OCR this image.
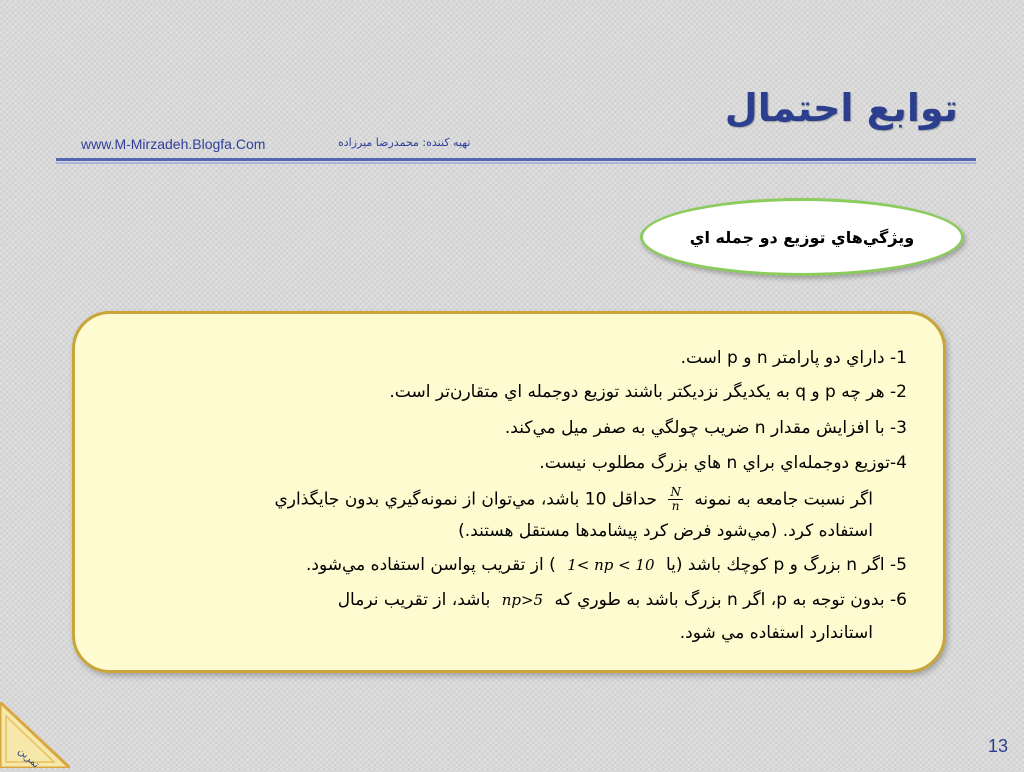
توابع احتمال
www.M-Mirzadeh.Blogfa.Com	تهيه کننده: محمدرضا ميرزاده
ويژگي‌هاي توزيع دو جمله اي
1- داراي دو پارامتر n و p است.
2- هر چه p و q به يکديگر نزديکتر باشند توزيع دوجمله اي متقارن‌تر است.
3- با افزايش مقدار n ضريب چولگي به صفر ميل مي‌کند.
4-توزيع دوجمله‌اي براي n هاي بزرگ مطلوب نيست.
اگر نسبت جامعه به نمونه
$\frac{N}{n}$
حداقل 10 باشد، مي‌توان از نمونه‌گيري بدون جايگذاري
استفاده کرد. (مي‌شود فرض کرد پيشامدها مستقل هستند.)
5- اگر n بزرگ و p کوچك باشد (يا 1< np < 10 ) از تقريب پواسن استفاده مي‌شود.
6- بدون توجه به p، اگر n بزرگ باشد به طوري كه np>5 باشد، از تقريب نرمال
استاندارد استفاده مي شود.
تمرین	13
